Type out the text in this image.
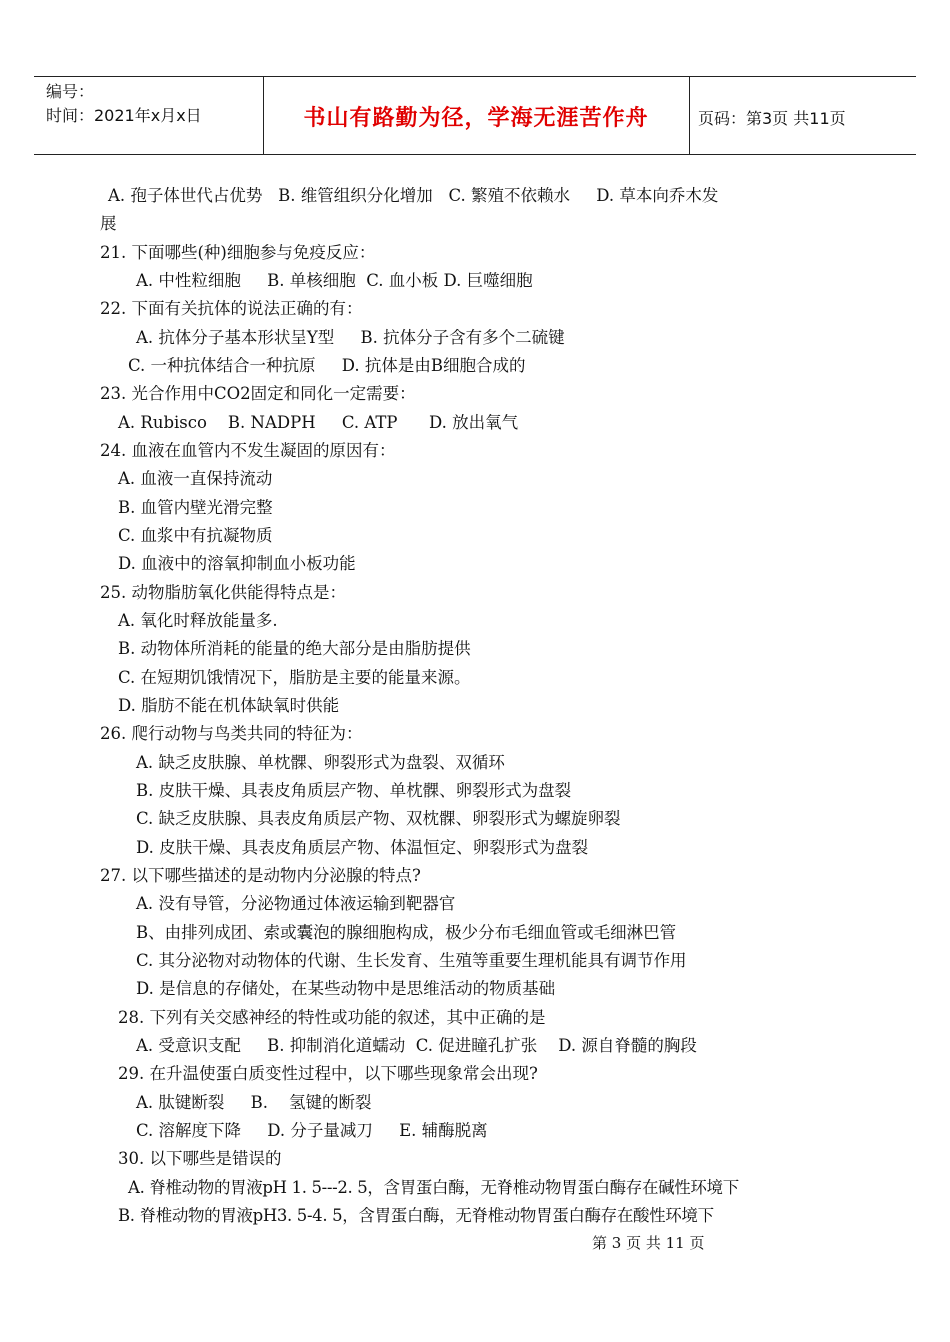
编号：
时间：2021年x月x日	书山有路勤为径，学海无涯苦作舟	页码：第3页 共11页
A. 孢子体世代占优势   B. 维管组织分化增加   C. 繁殖不依赖水     D. 草本向乔木发
展
21. 下面哪些(种)细胞参与免疫反应：
A. 中性粒细胞     B. 单核细胞  C. 血小板 D. 巨噬细胞
22. 下面有关抗体的说法正确的有：
A. 抗体分子基本形状呈Y型     B. 抗体分子含有多个二硫键
C. 一种抗体结合一种抗原     D. 抗体是由B细胞合成的
23. 光合作用中CO2固定和同化一定需要：
A. Rubisco    B. NADPH     C. ATP      D. 放出氧气
24. 血液在血管内不发生凝固的原因有：
A. 血液一直保持流动
B. 血管内壁光滑完整
C. 血浆中有抗凝物质
D. 血液中的溶氧抑制血小板功能
25. 动物脂肪氧化供能得特点是：
A. 氧化时释放能量多.
B. 动物体所消耗的能量的绝大部分是由脂肪提供
C. 在短期饥饿情况下，脂肪是主要的能量来源。
D. 脂肪不能在机体缺氧时供能
26. 爬行动物与鸟类共同的特征为：
A. 缺乏皮肤腺、单枕髁、卵裂形式为盘裂、双循环
B. 皮肤干燥、具表皮角质层产物、单枕髁、卵裂形式为盘裂
C. 缺乏皮肤腺、具表皮角质层产物、双枕髁、卵裂形式为螺旋卵裂
D. 皮肤干燥、具表皮角质层产物、体温恒定、卵裂形式为盘裂
27. 以下哪些描述的是动物内分泌腺的特点?
A. 没有导管，分泌物通过体液运输到靶器官
B、由排列成团、索或囊泡的腺细胞构成，极少分布毛细血管或毛细淋巴管
C. 其分泌物对动物体的代谢、生长发育、生殖等重要生理机能具有调节作用
D. 是信息的存储处，在某些动物中是思维活动的物质基础
28. 下列有关交感神经的特性或功能的叙述，其中正确的是
A. 受意识支配     B. 抑制消化道蠕动  C. 促进瞳孔扩张    D. 源自脊髓的胸段
29. 在升温使蛋白质变性过程中，以下哪些现象常会出现?
A. 肽键断裂     B.    氢键的断裂
C. 溶解度下降     D. 分子量减刀     E. 辅酶脱离
30. 以下哪些是错误的
A. 脊椎动物的胃液pH 1. 5---2. 5，含胃蛋白酶，无脊椎动物胃蛋白酶存在碱性环境下
B. 脊椎动物的胃液pH3. 5-4. 5，含胃蛋白酶，无脊椎动物胃蛋白酶存在酸性环境下
第 3 页 共 11 页
